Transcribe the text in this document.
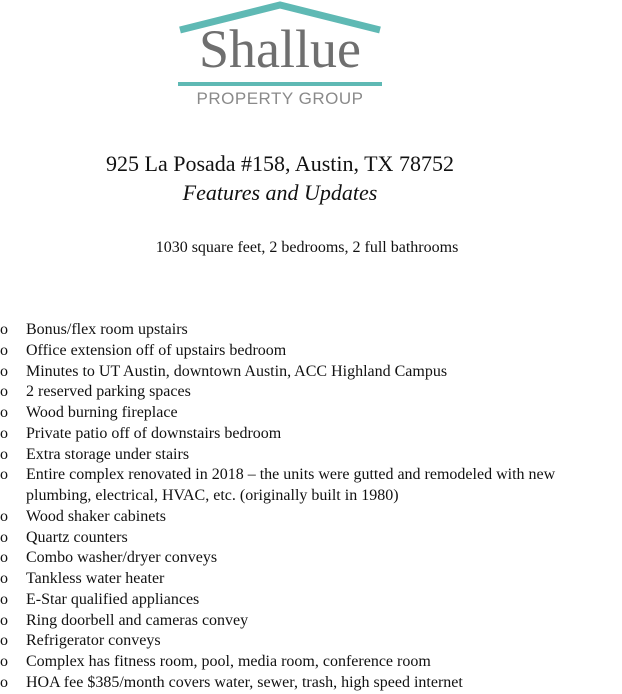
Shallue
PROPERTY GROUP
925 La Posada #158, Austin, TX 78752
Features and Updates
1030 square feet, 2 bedrooms, 2 full bathrooms
o	Bonus/flex room upstairs
o	Office extension off of upstairs bedroom
o	Minutes to UT Austin, downtown Austin, ACC Highland Campus
o	2 reserved parking spaces
o	Wood burning fireplace
o	Private patio off of downstairs bedroom
o	Extra storage under stairs
o	Entire complex renovated in 2018 – the units were gutted and remodeled with new
plumbing, electrical, HVAC, etc. (originally built in 1980)
o	Wood shaker cabinets
o	Quartz counters
o	Combo washer/dryer conveys
o	Tankless water heater
o	E-Star qualified appliances
o	Ring doorbell and cameras convey
o	Refrigerator conveys
o	Complex has fitness room, pool, media room, conference room
o	HOA fee $385/month covers water, sewer, trash, high speed internet
